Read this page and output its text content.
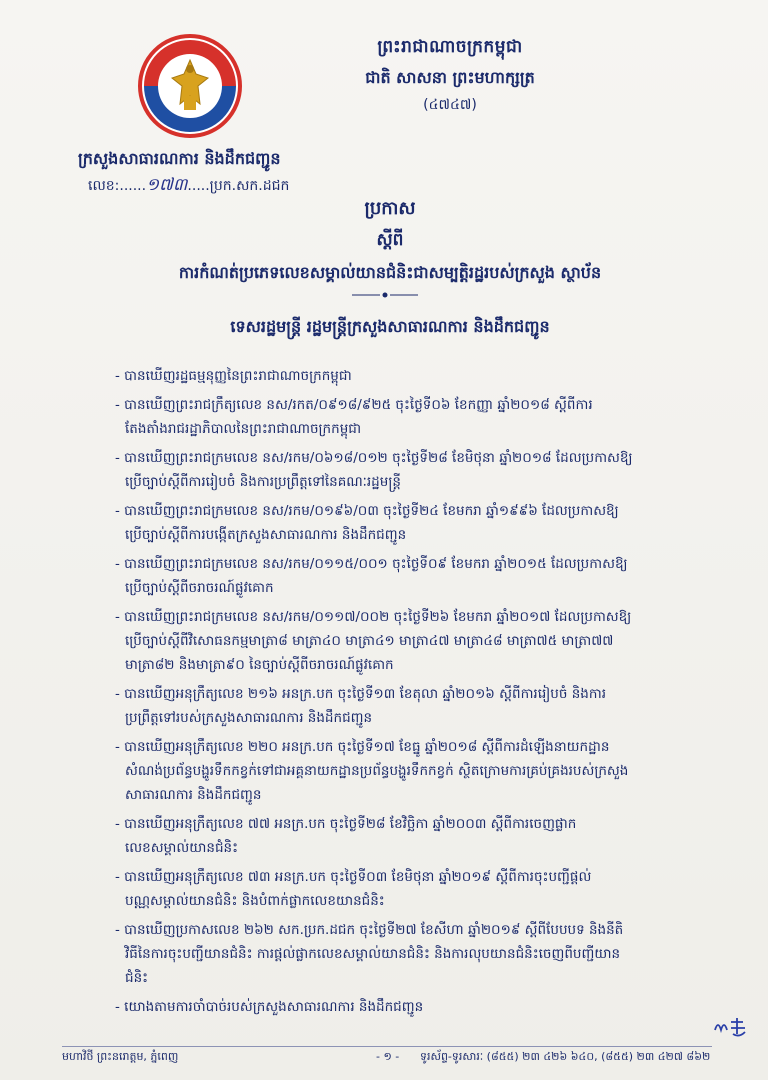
ព្រះរាជាណាចក្រកម្ពុជា
ជាតិ សាសនា ព្រះមហាក្សត្រ
(៤៧៤៧)
ក្រសួងសាធារណការ និងដឹកជញ្ជូន
លេខ:......១៧៣.....ប្រក.សក.ដជក
ប្រកាស
ស្តីពី
ការកំណត់ប្រភេទលេខសម្គាល់យានជំនិះជាសម្បត្តិរដ្ឋរបស់ក្រសួង ស្ថាប័ន
ទេសរដ្ឋមន្ត្រី រដ្ឋមន្ត្រីក្រសួងសាធារណការ និងដឹកជញ្ជូន
- បានឃើញរដ្ឋធម្មនុញ្ញនៃព្រះរាជាណាចក្រកម្ពុជា
- បានឃើញព្រះរាជក្រឹត្យលេខ នស/រកត/០៩១៨/៩២៥ ចុះថ្ងៃទី០៦ ខែកញ្ញា ឆ្នាំ២០១៨ ស្តីពីការតែងតាំងរាជរដ្ឋាភិបាលនៃព្រះរាជាណាចក្រកម្ពុជា
- បានឃើញព្រះរាជក្រមលេខ នស/រកម/០៦១៨/០១២ ចុះថ្ងៃទី២៨ ខែមិថុនា ឆ្នាំ២០១៨ ដែលប្រកាសឱ្យប្រើច្បាប់ស្តីពីការរៀបចំ និងការប្រព្រឹត្តទៅនៃគណៈរដ្ឋមន្ត្រី
- បានឃើញព្រះរាជក្រមលេខ នស/រកម/០១៩៦/០៣ ចុះថ្ងៃទី២៤ ខែមករា ឆ្នាំ១៩៩៦ ដែលប្រកាសឱ្យប្រើច្បាប់ស្តីពីការបង្កើតក្រសួងសាធារណការ និងដឹកជញ្ជូន
- បានឃើញព្រះរាជក្រមលេខ នស/រកម/០១១៥/០០១ ចុះថ្ងៃទី០៩ ខែមករា ឆ្នាំ២០១៥ ដែលប្រកាសឱ្យប្រើច្បាប់ស្តីពីចរាចរណ៍ផ្លូវគោក
- បានឃើញព្រះរាជក្រមលេខ នស/រកម/០១១៧/០០២ ចុះថ្ងៃទី២៦ ខែមករា ឆ្នាំ២០១៧ ដែលប្រកាសឱ្យប្រើច្បាប់ស្តីពីវិសោធនកម្មមាត្រា៨ មាត្រា៤០ មាត្រា៤១ មាត្រា៤៧ មាត្រា៤៨ មាត្រា៧៥ មាត្រា៧៧ មាត្រា៨២ និងមាត្រា៩០ នៃច្បាប់ស្តីពីចរាចរណ៍ផ្លូវគោក
- បានឃើញអនុក្រឹត្យលេខ ២១៦ អនក្រ.បក ចុះថ្ងៃទី១៣ ខែតុលា ឆ្នាំ២០១៦ ស្តីពីការរៀបចំ និងការប្រព្រឹត្តទៅរបស់ក្រសួងសាធារណការ និងដឹកជញ្ជូន
- បានឃើញអនុក្រឹត្យលេខ ២២០ អនក្រ.បក ចុះថ្ងៃទី១៧ ខែធ្នូ ឆ្នាំ២០១៨ ស្តីពីការដំឡើងនាយកដ្ឋានសំណង់ប្រព័ន្ធបង្ហូរទឹកកខ្វក់ទៅជាអគ្គនាយកដ្ឋានប្រព័ន្ធបង្ហូរទឹកកខ្វក់ ស្ថិតក្រោមការគ្រប់គ្រងរបស់ក្រសួងសាធារណការ និងដឹកជញ្ជូន
- បានឃើញអនុក្រឹត្យលេខ ៧៧ អនក្រ.បក ចុះថ្ងៃទី២៨ ខែវិច្ឆិកា ឆ្នាំ២០០៣ ស្តីពីការចេញផ្លាកលេខសម្គាល់យានជំនិះ
- បានឃើញអនុក្រឹត្យលេខ ៧៣ អនក្រ.បក ចុះថ្ងៃទី០៣ ខែមិថុនា ឆ្នាំ២០១៩ ស្តីពីការចុះបញ្ជីផ្តល់បណ្ណសម្គាល់យានជំនិះ និងបំពាក់ផ្លាកលេខយានជំនិះ
- បានឃើញប្រកាសលេខ ២៦២ សក.ប្រក.ដជក ចុះថ្ងៃទី២៧ ខែសីហា ឆ្នាំ២០១៩ ស្តីពីបែបបទ និងនីតិវិធីនៃការចុះបញ្ជីយានជំនិះ ការផ្តល់ផ្លាកលេខសម្គាល់យានជំនិះ និងការលុបយានជំនិះចេញពីបញ្ជីយានជំនិះ
- យោងតាមការចាំបាច់របស់ក្រសួងសាធារណការ និងដឹកជញ្ជូន
មហាវិថី ព្រះនរោត្តម, ភ្នំពេញ	- ១ - ទូរស័ព្ទ-ទូរសារៈ (៨៥៥) ២៣ ៤២៦ ៦៤០, (៨៥៥) ២៣ ៤២៧ ៨៦២
